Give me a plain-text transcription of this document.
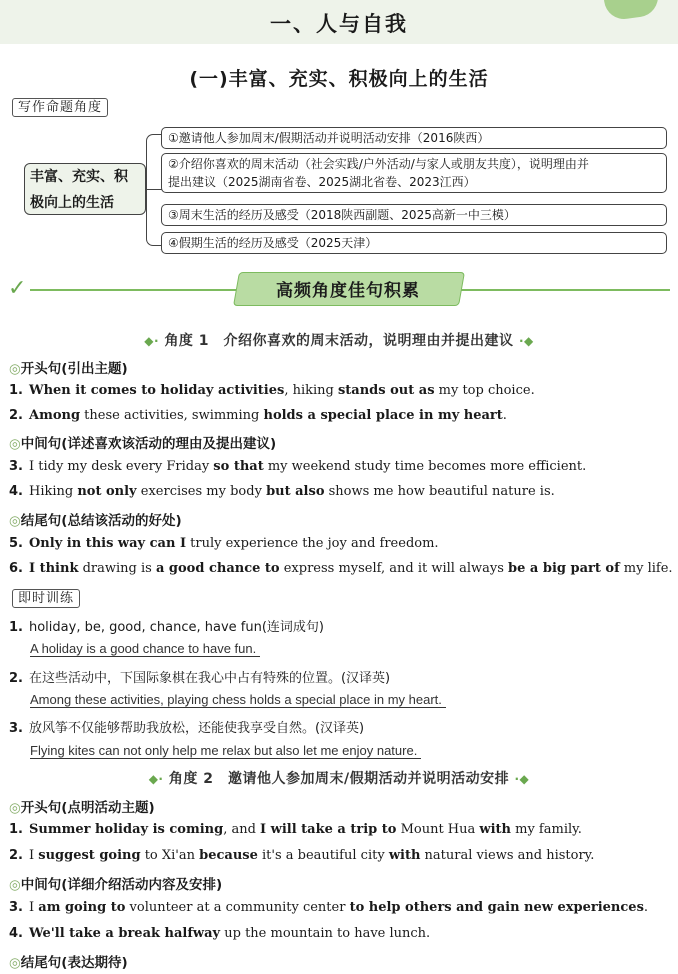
一、人与自我
(一)丰富、充实、积极向上的生活
写作命题角度
丰富、充实、积
极向上的生活
①邀请他人参加周末/假期活动并说明活动安排（2016陕西）
②介绍你喜欢的周末活动（社会实践/户外活动/与家人或朋友共度），说明理由并
提出建议（2025湖南省卷、2025湖北省卷、2023江西）
③周末生活的经历及感受（2018陕西副题、2025高新一中三模）
④假期生活的经历及感受（2025天津）
✓	高频角度佳句积累
◆· 角度 1　介绍你喜欢的周末活动，说明理由并提出建议 ·◆
◎开头句(引出主题)
1. When it comes to holiday activities, hiking stands out as my top choice.
2. Among these activities, swimming holds a special place in my heart.
◎中间句(详述喜欢该活动的理由及提出建议)
3. I tidy my desk every Friday so that my weekend study time becomes more efficient.
4. Hiking not only exercises my body but also shows me how beautiful nature is.
◎结尾句(总结该活动的好处)
5. Only in this way can I truly experience the joy and freedom.
6. I think drawing is a good chance to express myself, and it will always be a big part of my life.
即时训练
1. holiday, be, good, chance, have fun(连词成句)
A holiday is a good chance to have fun.
2. 在这些活动中，下国际象棋在我心中占有特殊的位置。(汉译英)
Among these activities, playing chess holds a special place in my heart.
3. 放风筝不仅能够帮助我放松，还能使我享受自然。(汉译英)
Flying kites can not only help me relax but also let me enjoy nature.
◆· 角度 2　邀请他人参加周末/假期活动并说明活动安排 ·◆
◎开头句(点明活动主题)
1. Summer holiday is coming, and I will take a trip to Mount Hua with my family.
2. I suggest going to Xi'an because it's a beautiful city with natural views and history.
◎中间句(详细介绍活动内容及安排)
3. I am going to volunteer at a community center to help others and gain new experiences.
4. We'll take a break halfway up the mountain to have lunch.
◎结尾句(表达期待)
